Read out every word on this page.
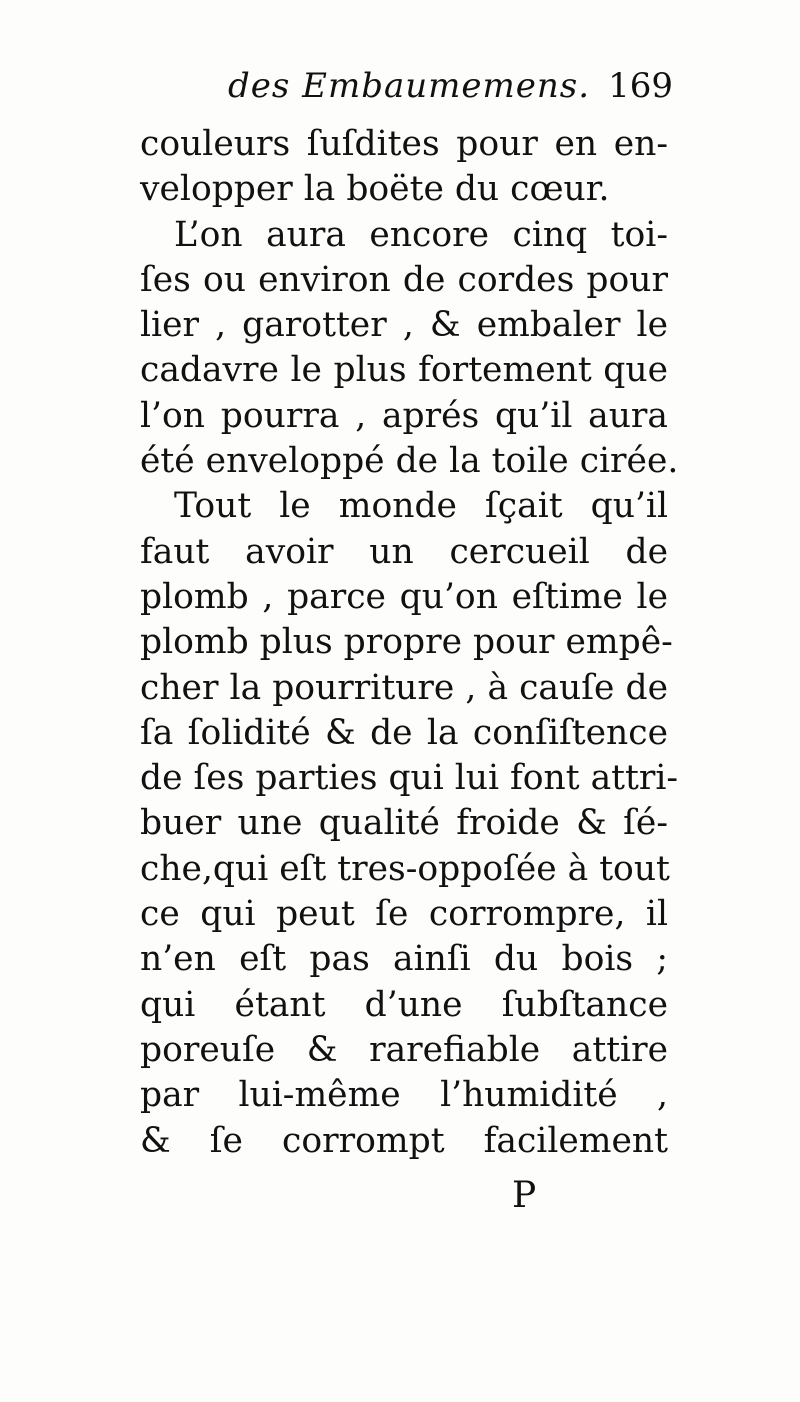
des Embaumemens. 169
couleurs ſuſdites pour en en-
velopper la boëte du cœur.
L’on aura encore cinq toi-
ſes ou environ de cordes pour
lier , garotter , & embaler le
cadavre le plus fortement que
l’on pourra , aprés qu’il aura
été enveloppé de la toile cirée.
Tout le monde ſçait qu’il
faut avoir un cercueil de
plomb , parce qu’on eſtime le
plomb plus propre pour empê-
cher la pourriture , à cauſe de
ſa ſolidité & de la conſiſtence
de ſes parties qui lui font attri-
buer une qualité froide & ſé-
che,qui eſt tres-oppoſée à tout
ce qui peut ſe corrompre, il
n’en eſt pas ainſi du bois ;
qui étant d’une ſubſtance
poreuſe & rarefiable attire
par lui-même l’humidité ,
& ſe corrompt facilement
P
